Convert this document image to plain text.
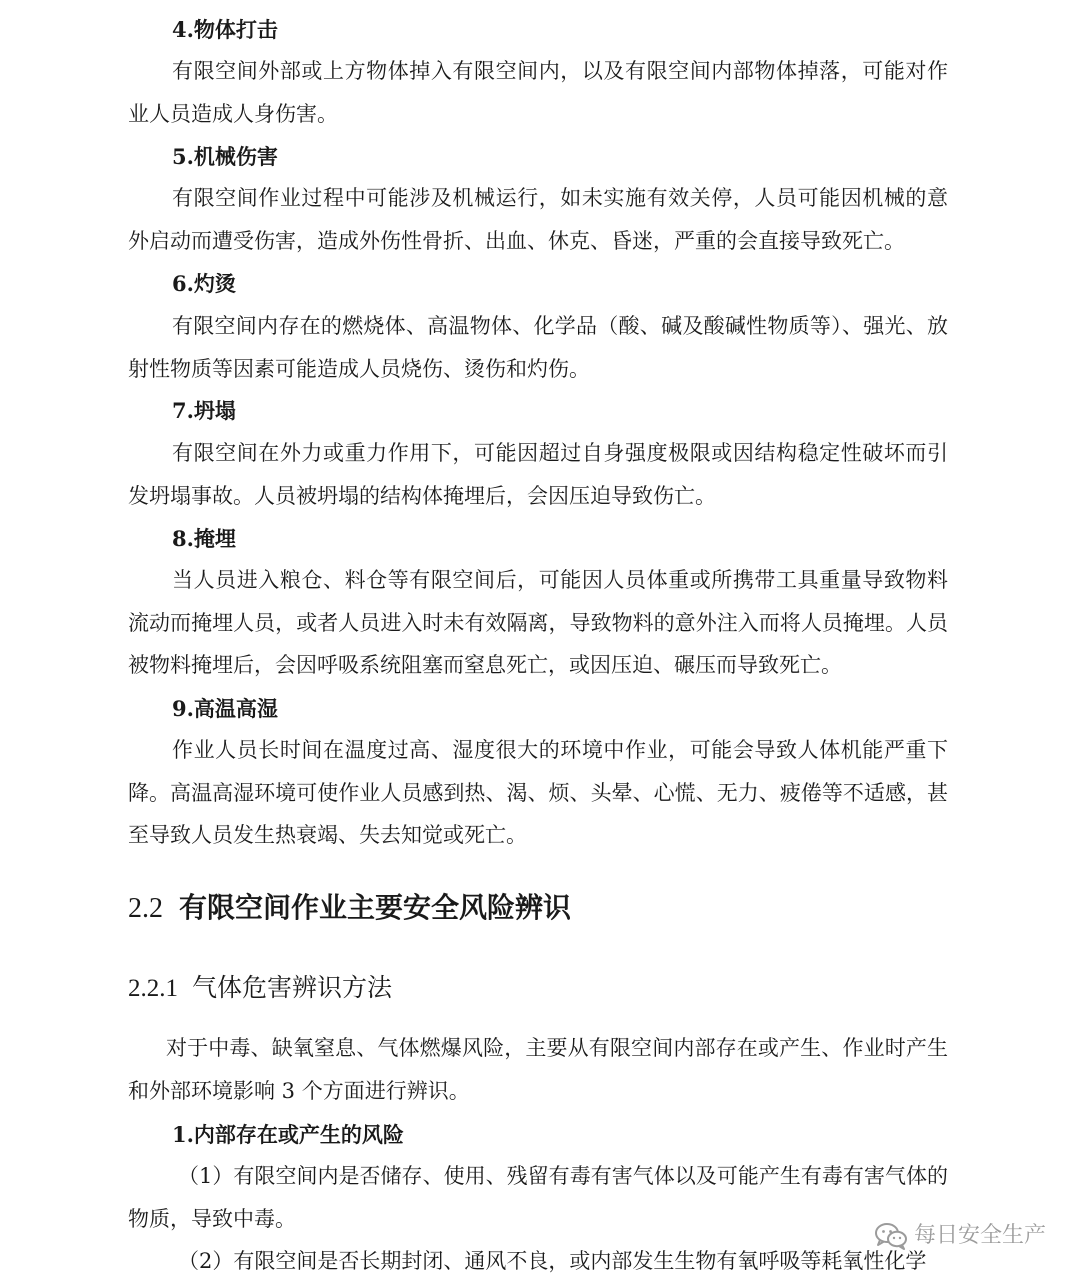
4.物体打击
有限空间外部或上方物体掉入有限空间内，以及有限空间内部物体掉落，可能对作业人员造成人身伤害。
5.机械伤害
有限空间作业过程中可能涉及机械运行，如未实施有效关停，人员可能因机械的意外启动而遭受伤害，造成外伤性骨折、出血、休克、昏迷，严重的会直接导致死亡。
6.灼烫
有限空间内存在的燃烧体、高温物体、化学品（酸、碱及酸碱性物质等）、强光、放射性物质等因素可能造成人员烧伤、烫伤和灼伤。
7.坍塌
有限空间在外力或重力作用下，可能因超过自身强度极限或因结构稳定性破坏而引发坍塌事故。人员被坍塌的结构体掩埋后，会因压迫导致伤亡。
8.掩埋
当人员进入粮仓、料仓等有限空间后，可能因人员体重或所携带工具重量导致物料流动而掩埋人员，或者人员进入时未有效隔离，导致物料的意外注入而将人员掩埋。人员被物料掩埋后，会因呼吸系统阻塞而窒息死亡，或因压迫、碾压而导致死亡。
9.高温高湿
作业人员长时间在温度过高、湿度很大的环境中作业，可能会导致人体机能严重下降。高温高湿环境可使作业人员感到热、渴、烦、头晕、心慌、无力、疲倦等不适感，甚至导致人员发生热衰竭、失去知觉或死亡。
2.2 有限空间作业主要安全风险辨识
2.2.1 气体危害辨识方法
对于中毒、缺氧窒息、气体燃爆风险，主要从有限空间内部存在或产生、作业时产生和外部环境影响 3 个方面进行辨识。
1.内部存在或产生的风险
（1）有限空间内是否储存、使用、残留有毒有害气体以及可能产生有毒有害气体的物质，导致中毒。
（2）有限空间是否长期封闭、通风不良，或内部发生生物有氧呼吸等耗氧性化学
每日安全生产
